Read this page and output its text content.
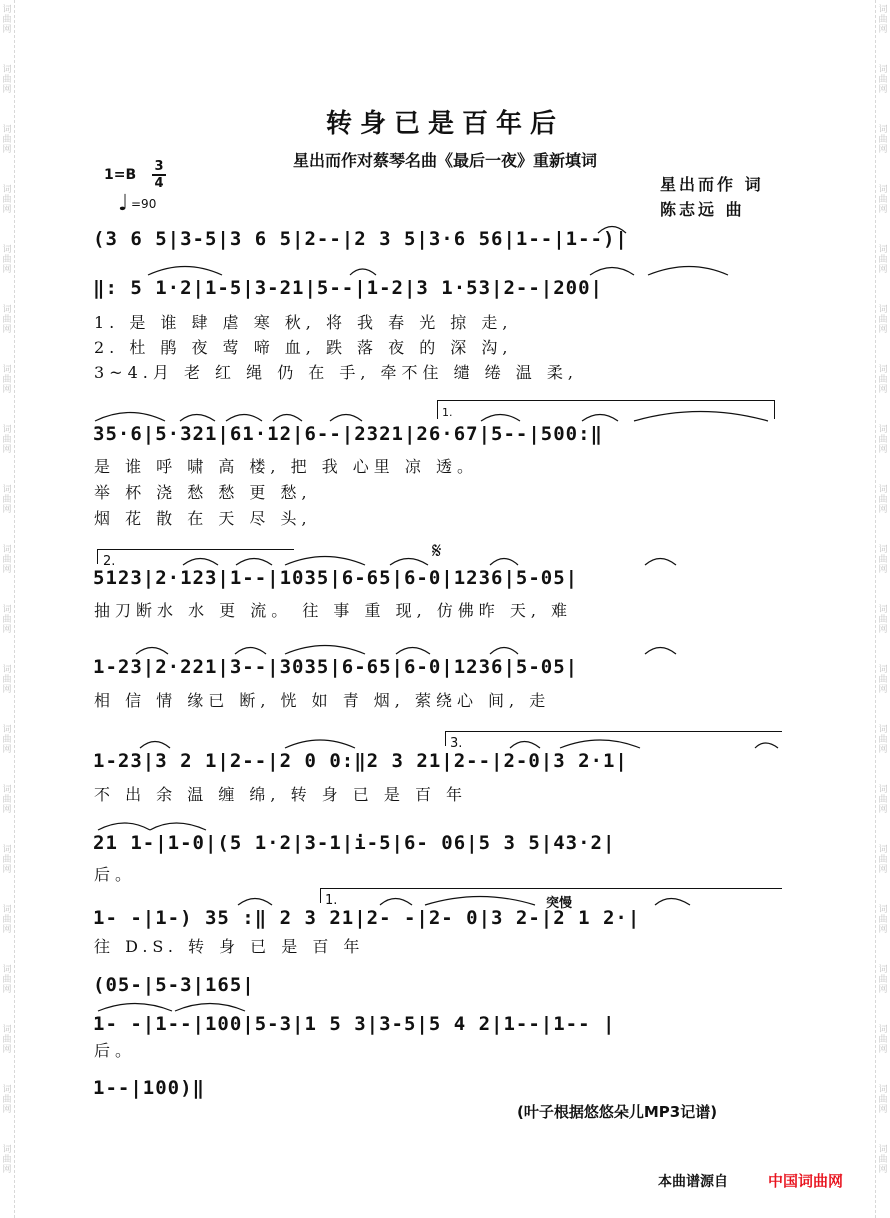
词
曲
网
词
曲
网
词
曲
网
词
曲
网
词
曲
网
词
曲
网
词
曲
网
词
曲
网
词
曲
网
词
曲
网
词
曲
网
词
曲
网
词
曲
网
词
曲
网
词
曲
网
词
曲
网
词
曲
网
词
曲
网
词
曲
网
词
曲
网
词
曲
网
词
曲
网
词
曲
网
词
曲
网
词
曲
网
词
曲
网
词
曲
网
词
曲
网
词
曲
网
词
曲
网
词
曲
网
词
曲
网
词
曲
网
词
曲
网
词
曲
网
词
曲
网
词
曲
网
词
曲
网
词
曲
网
词
曲
网
转身已是百年后
星出而作对蔡琴名曲《最后一夜》重新填词
1=B
3
4
♩ =90
星出而作 词
陈志远 曲
(3 6 5|3-5|3 6 5|2--|2 3 5|3·6 56|1--|1--)|
‖: 5 1·2|1-5|3-21|5--|1-2|3 1·53|2--|200|
1. 是 谁 肆 虐 寒 秋, 将 我 春 光 掠 走,
2. 杜 鹃 夜 莺 啼 血, 跌 落 夜 的 深 沟,
3~4.月 老 红 绳 仍 在 手, 牵不住 缱 绻 温 柔,
35·6|5·321|61·12|6--|2321|26·67|5--|500:‖
是 谁 呼 啸 高 楼, 把 我 心里 凉 透。
举 杯 浇 愁 愁 更 愁,
烟 花 散 在 天 尽 头,
5123|2·123|1--|1035|6-65|6-0|1236|5-05|
抽刀断水 水 更 流。 往 事 重 现, 仿佛昨 天, 难
1-23|2·221|3--|3035|6-65|6-0|1236|5-05|
相 信 情 缘已 断, 恍 如 青 烟, 萦绕心 间, 走
1-23|3 2 1|2--|2 0 0:‖2 3 21|2--|2-0|3 2·1|
不 出 余 温 缠 绵, 转 身 已 是 百 年
21 1-|1-0|(5 1·2|3-1|i-5|6- 06|5 3 5|43·2|
后。
1- -|1-) 35 :‖ 2 3 21|2- -|2- 0|3 2-|2 1 2·|
往 D.S. 转 身 已 是 百 年
(05-|5-3|165|
1- -|1--|100|5-3|1 5 3|3-5|5 4 2|1--|1-- |
后。
1--|100)‖
1.
2.
3.
1.
𝄋
突慢
(叶子根据悠悠朵儿MP3记谱)
本曲谱源自	中国词曲网
